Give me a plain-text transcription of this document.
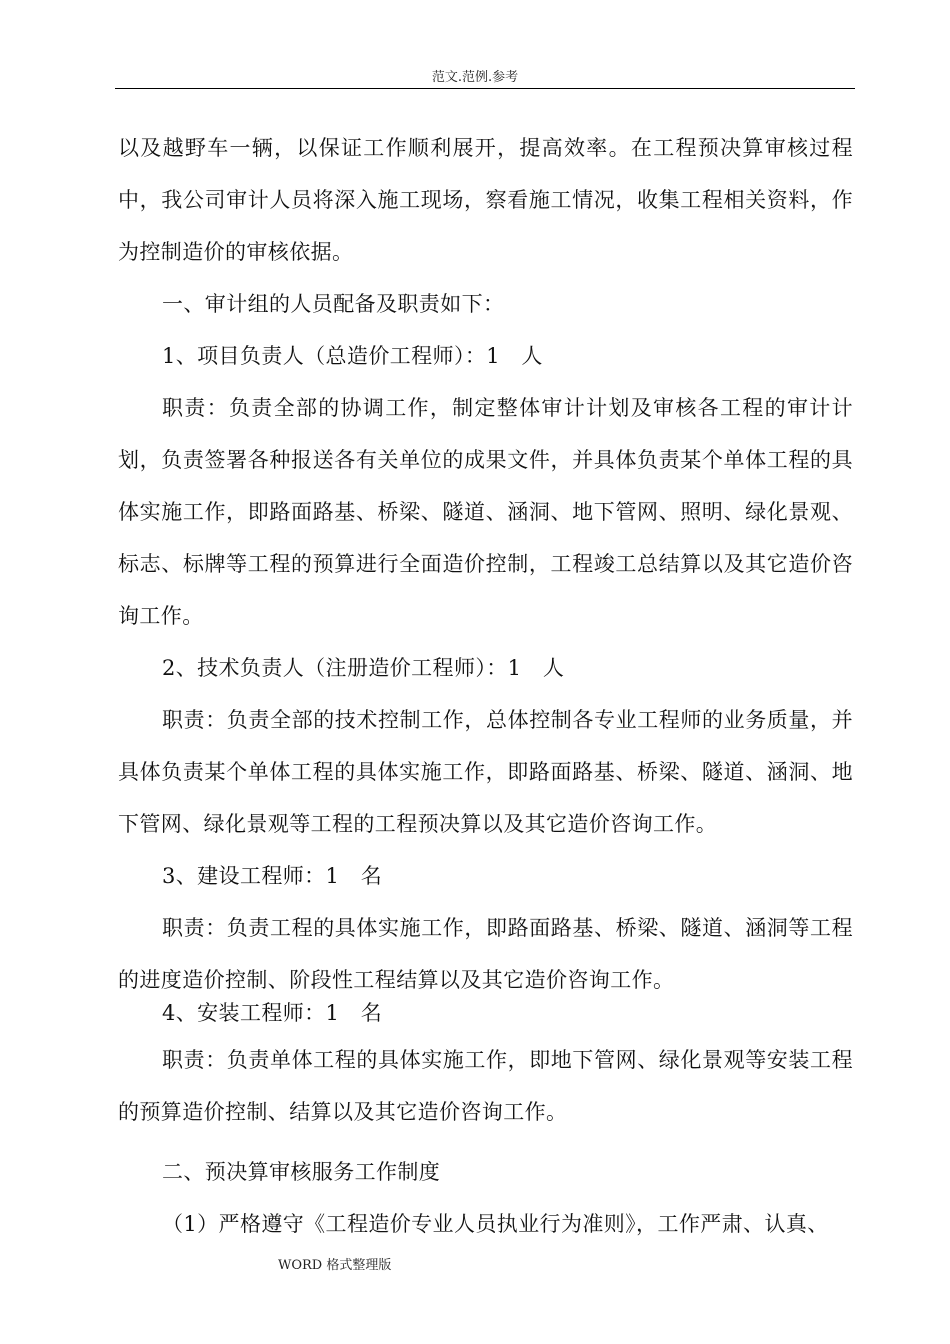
范文.范例.参考

以及越野车一辆，以保证工作顺利展开，提高效率。在工程预决算审核过程中，我公司审计人员将深入施工现场，察看施工情况，收集工程相关资料，作为控制造价的审核依据。

一、审计组的人员配备及职责如下：

1、项目负责人（总造价工程师）：1　人

职责：负责全部的协调工作，制定整体审计计划及审核各工程的审计计划，负责签署各种报送各有关单位的成果文件，并具体负责某个单体工程的具体实施工作，即路面路基、桥梁、隧道、涵洞、地下管网、照明、绿化景观、标志、标牌等工程的预算进行全面造价控制，工程竣工总结算以及其它造价咨询工作。

2、技术负责人（注册造价工程师）：1　人

职责：负责全部的技术控制工作，总体控制各专业工程师的业务质量，并具体负责某个单体工程的具体实施工作，即路面路基、桥梁、隧道、涵洞、地下管网、绿化景观等工程的工程预决算以及其它造价咨询工作。

3、建设工程师：1　名

职责：负责工程的具体实施工作，即路面路基、桥梁、隧道、涵洞等工程的进度造价控制、阶段性工程结算以及其它造价咨询工作。

4、安装工程师：1　名

职责：负责单体工程的具体实施工作，即地下管网、绿化景观等安装工程的预算造价控制、结算以及其它造价咨询工作。

二、预决算审核服务工作制度

（1）严格遵守《工程造价专业人员执业行为准则》，工作严肃、认真、

WORD 格式整理版
